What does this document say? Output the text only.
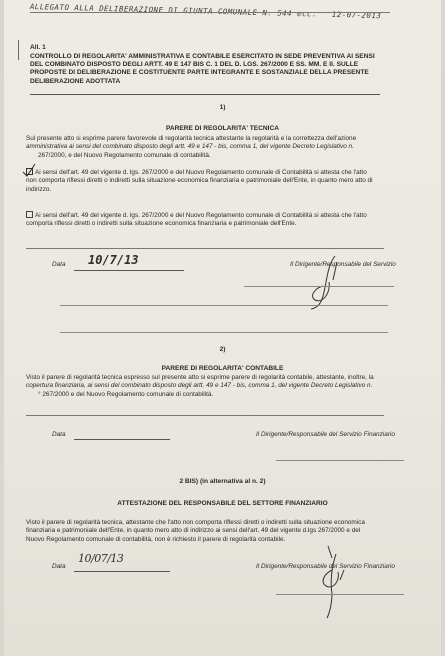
ALLEGATO ALLA DELIBERAZIONE DI GIUNTA COMUNALE N. 544 ecc. 12-07-2013
All. 1
CONTROLLO DI REGOLARITA' AMMINISTRATIVA E CONTABILE ESERCITATO IN SEDE PREVENTIVA AI SENSI
DEL COMBINATO DISPOSTO DEGLI ARTT. 49 E 147 BIS C. 1 DEL D. LGS. 267/2000 E SS. MM. E II. SULLE
PROPOSTE DI DELIBERAZIONE E COSTITUENTE PARTE INTEGRANTE E SOSTANZIALE DELLA PRESENTE
DELIBERAZIONE ADOTTATA
1)
PARERE DI REGOLARITA' TECNICA
Sul presente atto si esprime parere favorevole di regolarità tecnica attestante la regolarità e la correttezza dell'azione
amministrativa ai sensi del combinato disposto degli artt. 49 e 147 - bis, comma 1, del vigente Decreto Legislativo n.
267/2000, e del Nuovo Regolamento comunale di contabilità.
Ai sensi dell'art. 49 del vigente d. lgs. 267/2000 e del Nuovo Regolamento comunale di Contabilità si attesta che l'atto
non comporta riflessi diretti o indiretti sulla situazione economica finanziaria e patrimoniale dell'Ente, in quanto mero atto di
indirizzo.
Ai sensi dell'art. 49 del vigente d. lgs. 267/2000 e del Nuovo Regolamento comunale di Contabilità si attesta che l'atto
comporta riflessi diretti o indiretti sulla situazione economica finanziaria e patrimoniale dell'Ente.
Data 10/7/13	Il Dirigente/Responsabile del Servizio
2)
PARERE DI REGOLARITA' CONTABILE
Visto il parere di regolarità tecnica espresso sul presente atto si esprime parere di regolarità contabile, attestante, inoltre, la
copertura finanziaria, ai sensi del combinato disposto degli artt. 49 e 147 - bis, comma 1, del vigente Decreto Legislativo n.
° 267/2000 e del Nuovo Regolamento comunale di contabilità.
Data	Il Dirigente/Responsabile del Servizio Finanziario
2 BIS) (in alternativa al n. 2)
ATTESTAZIONE DEL RESPONSABILE DEL SETTORE FINANZIARIO
Visto il parere di regolarità tecnica, attestante che l'atto non comporta riflessi diretti o indiretti sulla situazione economica
finanziaria e patrimoniale dell'Ente, in quanto mero atto di indirizzo ai sensi dell'art. 49 del vigente d.lgs 267/2000 e del
Nuovo Regolamento comunale di contabilità, non è richiesto il parere di regolarità contabile.
Data
10/07/13
Il Dirigente/Responsabile del Servizio Finanziario
